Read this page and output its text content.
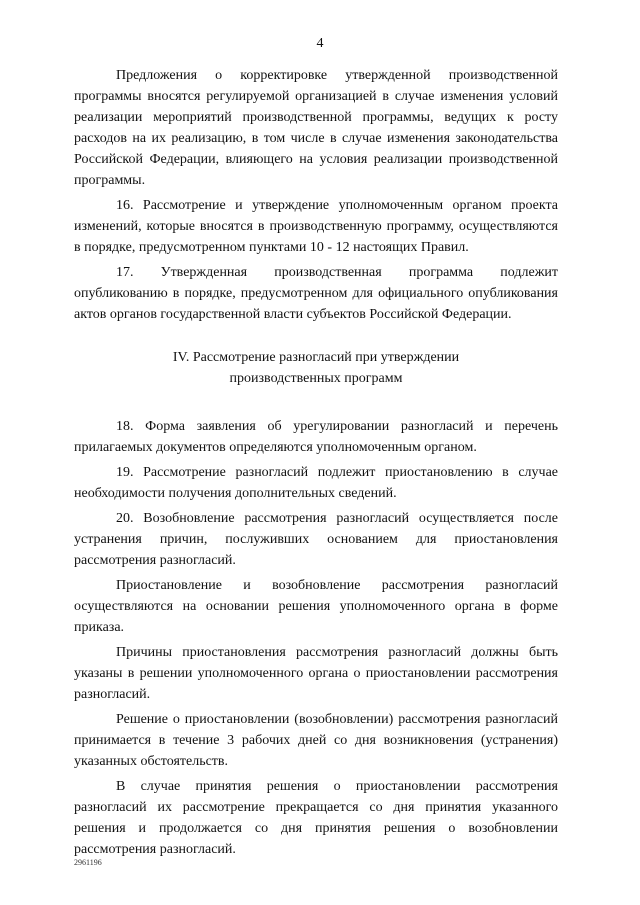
4

Предложения о корректировке утвержденной производственной программы вносятся регулируемой организацией в случае изменения условий реализации мероприятий производственной программы, ведущих к росту расходов на их реализацию, в том числе в случае изменения законодательства Российской Федерации, влияющего на условия реализации производственной программы.

16. Рассмотрение и утверждение уполномоченным органом проекта изменений, которые вносятся в производственную программу, осуществляются в порядке, предусмотренном пунктами 10 - 12 настоящих Правил.

17. Утвержденная производственная программа подлежит опубликованию в порядке, предусмотренном для официального опубликования актов органов государственной власти субъектов Российской Федерации.

IV. Рассмотрение разногласий при утверждении
производственных программ

18. Форма заявления об урегулировании разногласий и перечень прилагаемых документов определяются уполномоченным органом.

19. Рассмотрение разногласий подлежит приостановлению в случае необходимости получения дополнительных сведений.

20. Возобновление рассмотрения разногласий осуществляется после устранения причин, послуживших основанием для приостановления рассмотрения разногласий.

Приостановление и возобновление рассмотрения разногласий осуществляются на основании решения уполномоченного органа в форме приказа.

Причины приостановления рассмотрения разногласий должны быть указаны в решении уполномоченного органа о приостановлении рассмотрения разногласий.

Решение о приостановлении (возобновлении) рассмотрения разногласий принимается в течение 3 рабочих дней со дня возникновения (устранения) указанных обстоятельств.

В случае принятия решения о приостановлении рассмотрения разногласий их рассмотрение прекращается со дня принятия указанного решения и продолжается со дня принятия решения о возобновлении рассмотрения разногласий.

2961196
